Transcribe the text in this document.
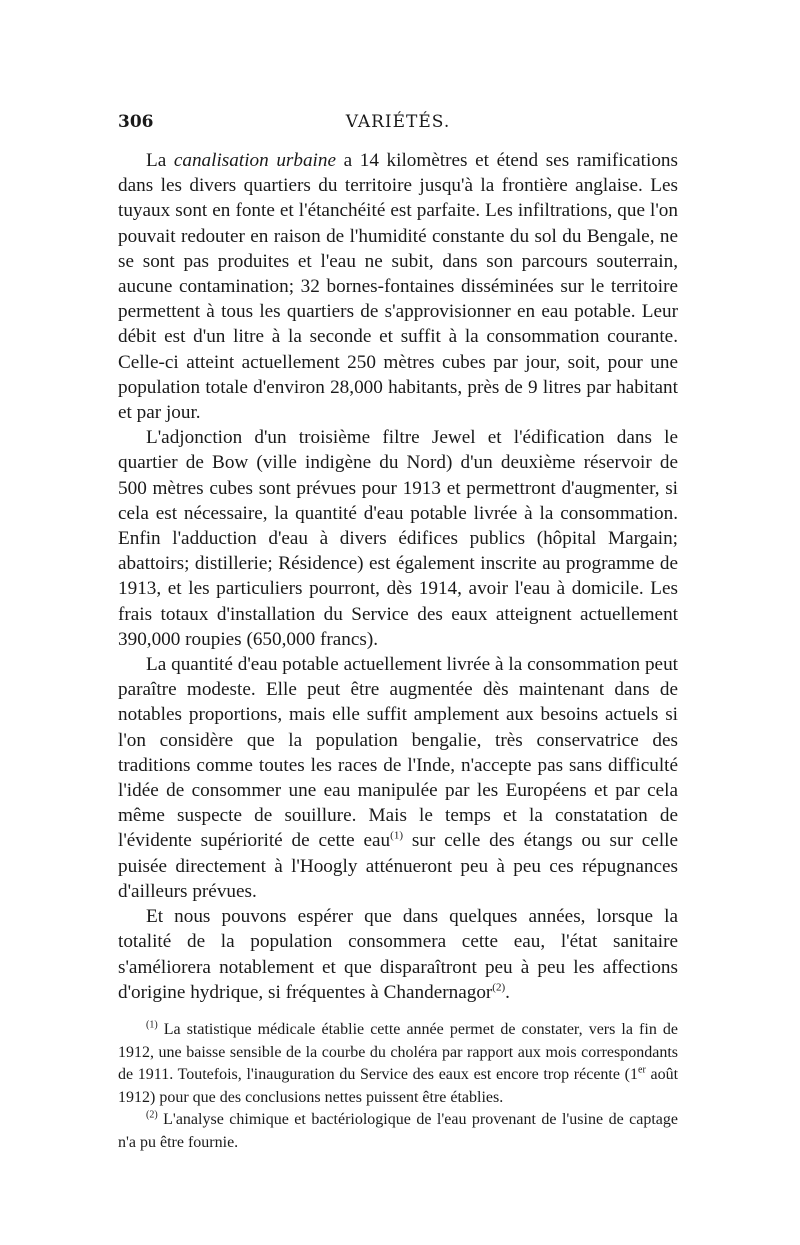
306	VARIÉTÉS.

La canalisation urbaine a 14 kilomètres et étend ses ramifications dans les divers quartiers du territoire jusqu'à la frontière anglaise. Les tuyaux sont en fonte et l'étanchéité est parfaite. Les infiltrations, que l'on pouvait redouter en raison de l'humidité constante du sol du Bengale, ne se sont pas produites et l'eau ne subit, dans son parcours souterrain, aucune contamination; 32 bornes-fontaines disséminées sur le territoire permettent à tous les quartiers de s'approvisionner en eau potable. Leur débit est d'un litre à la seconde et suffit à la consommation courante. Celle-ci atteint actuellement 250 mètres cubes par jour, soit, pour une population totale d'environ 28,000 habitants, près de 9 litres par habitant et par jour.

L'adjonction d'un troisième filtre Jewel et l'édification dans le quartier de Bow (ville indigène du Nord) d'un deuxième réservoir de 500 mètres cubes sont prévues pour 1913 et permettront d'augmenter, si cela est nécessaire, la quantité d'eau potable livrée à la consommation. Enfin l'adduction d'eau à divers édifices publics (hôpital Margain; abattoirs; distillerie; Résidence) est également inscrite au programme de 1913, et les particuliers pourront, dès 1914, avoir l'eau à domicile. Les frais totaux d'installation du Service des eaux atteignent actuellement 390,000 roupies (650,000 francs).

La quantité d'eau potable actuellement livrée à la consommation peut paraître modeste. Elle peut être augmentée dès maintenant dans de notables proportions, mais elle suffit amplement aux besoins actuels si l'on considère que la population bengalie, très conservatrice des traditions comme toutes les races de l'Inde, n'accepte pas sans difficulté l'idée de consommer une eau manipulée par les Européens et par cela même suspecte de souillure. Mais le temps et la constatation de l'évidente supériorité de cette eau$^{(1)}$ sur celle des étangs ou sur celle puisée directement à l'Hoogly atténueront peu à peu ces répugnances d'ailleurs prévues.

Et nous pouvons espérer que dans quelques années, lorsque la totalité de la population consommera cette eau, l'état sanitaire s'améliorera notablement et que disparaîtront peu à peu les affections d'origine hydrique, si fréquentes à Chandernagor$^{(2)}$.

$^{(1)}$ La statistique médicale établie cette année permet de constater, vers la fin de 1912, une baisse sensible de la courbe du choléra par rapport aux mois correspondants de 1911. Toutefois, l'inauguration du Service des eaux est encore trop récente (1er août 1912) pour que des conclusions nettes puissent être établies.

$^{(2)}$ L'analyse chimique et bactériologique de l'eau provenant de l'usine de captage n'a pu être fournie.
